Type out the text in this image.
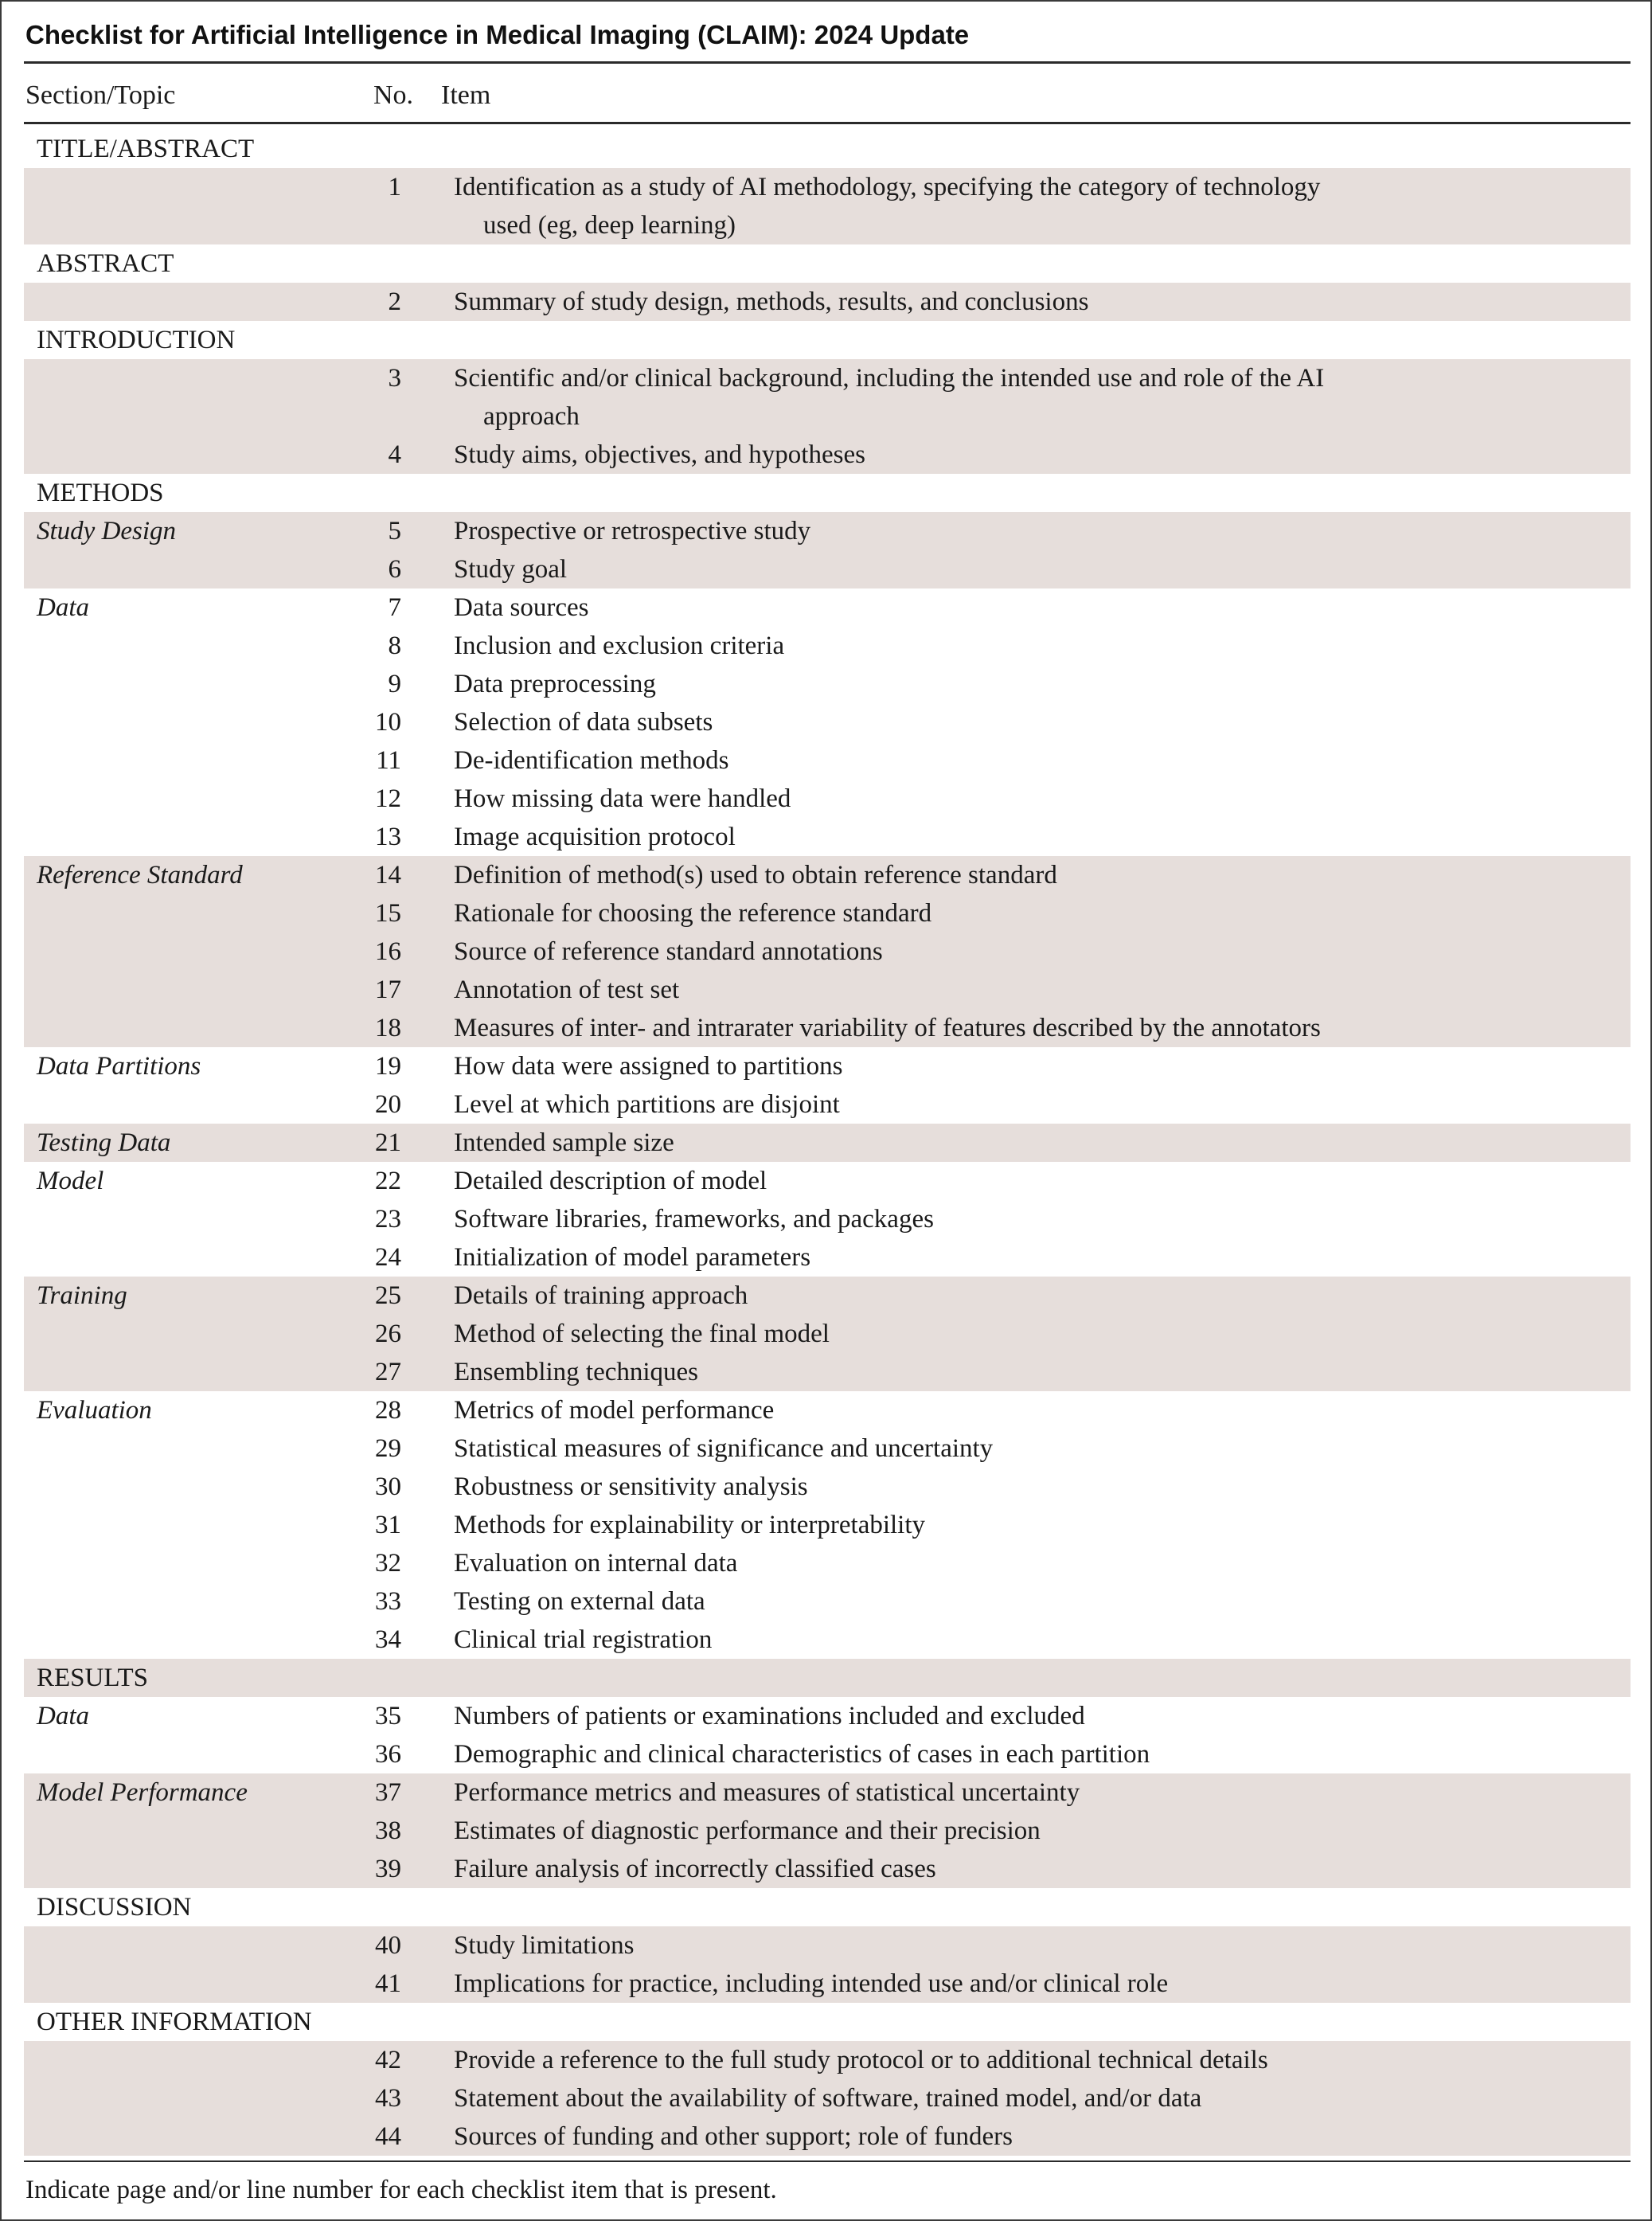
Checklist for Artificial Intelligence in Medical Imaging (CLAIM): 2024 Update
Section/Topic	No. Item
TITLE/ABSTRACT
1 Identification as a study of AI methodology, specifying the category of technology
used (eg, deep learning)
ABSTRACT
2 Summary of study design, methods, results, and conclusions
INTRODUCTION
3 Scientific and/or clinical background, including the intended use and role of the AI
approach
4 Study aims, objectives, and hypotheses
METHODS
Study Design	5 Prospective or retrospective study
6 Study goal
Data	7 Data sources
8 Inclusion and exclusion criteria
9 Data preprocessing
10 Selection of data subsets
11 De-identification methods
12 How missing data were handled
13 Image acquisition protocol
Reference Standard	14 Definition of method(s) used to obtain reference standard
15 Rationale for choosing the reference standard
16 Source of reference standard annotations
17 Annotation of test set
18 Measures of inter- and intrarater variability of features described by the annotators
Data Partitions	19 How data were assigned to partitions
20 Level at which partitions are disjoint
Testing Data	21 Intended sample size
Model	22 Detailed description of model
23 Software libraries, frameworks, and packages
24 Initialization of model parameters
Training	25 Details of training approach
26 Method of selecting the final model
27 Ensembling techniques
Evaluation	28 Metrics of model performance
29 Statistical measures of significance and uncertainty
30 Robustness or sensitivity analysis
31 Methods for explainability or interpretability
32 Evaluation on internal data
33 Testing on external data
34 Clinical trial registration
RESULTS
Data	35 Numbers of patients or examinations included and excluded
36 Demographic and clinical characteristics of cases in each partition
Model Performance	37 Performance metrics and measures of statistical uncertainty
38 Estimates of diagnostic performance and their precision
39 Failure analysis of incorrectly classified cases
DISCUSSION
40 Study limitations
41 Implications for practice, including intended use and/or clinical role
OTHER INFORMATION
42 Provide a reference to the full study protocol or to additional technical details
43 Statement about the availability of software, trained model, and/or data
44 Sources of funding and other support; role of funders
Indicate page and/or line number for each checklist item that is present.
